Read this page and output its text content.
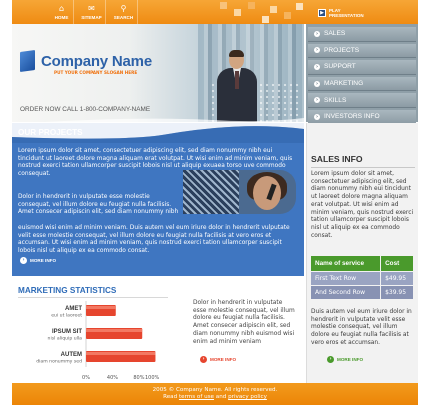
⌂
HOME
✉
SITEMAP
⚲
SEARCH
▶	PLAY
PRESENTATION
Company Name
PUT YOUR COMPANY SLOGAN HERE
ORDER NOW CALL 1-800-COMPANY-NAME
› SALES
› PROJECTS
› SUPPORT
› MARKETING
› SKILLS
› INVESTORS INFO
OUR PROJECTS
Lorem ipsum dolor sit amet, consectetuer adipiscing elit, sed diam nonummy nibh eui tincidunt ut laoreet dolore magna aliquam erat volutpat. Ut wisi enim ad minim veniam, quis nostrud exerci tation ullamcorper suscipit lobois nisl ut aliquip exuaea torso uve commodo consequat.
Dolor in hendrerit in vulputate esse molestie consequat, vel illum dolore eu feugiat nulla facilisis. Amet consecer adipiscin elit, sed diam nonummy nibh
euismod wisi enim ad minim veniam. Duis autem vel eum iriure dolor in hendrerit vulputate velit esse molestie consequat, vel illum dolore eu feugiat nulla facilisis at vero eros et accumsan. Ut wisi enim ad minim veniam, quis nostrud exerci tation ullamcorper suscipit lobois nisl ut aliquip ex ea commodo consat.
›	MORE INFO
SALES INFO
Lorem ipsum dolor sit amet, consectetuer adipiscing elit, sed diam nonummy nibh eui tincidunt ut laoreet dolore magna aliquam erat volutpat. Ut wisi enim ad minim veniam, quis nostrud exerci tation ullamcorper suscipit lobois nisl ut aliquip ex ea commodo consat.
Name of service	Cost
First Text Row	$49.95
And Second Row	$39.95
Duis autem vel eum iriure dolor in hendrerit in vulputate velit esse molestie consequat, vel illum dolore eu feugiat nulla facilisis at vero eros et accumsan.
›	MORE INFO
MARKETING STATISTICS
AMET
eui ut laoreet
IPSUM SIT
nisl aliquip ulla
AUTEM
diam nonummy sed
0%	40%	80% 100%
Dolor in hendrerit in vulputate esse molestie consequat, vel illum dolore eu feugiat nulla facilisis. Amet consecer adipiscin elit, sed diam nonummy nibh euismod wisi enim ad minim veniam
›	MORE INFO
2005 © Company Name. All rights reserved.
Read terms of use and privacy policy
